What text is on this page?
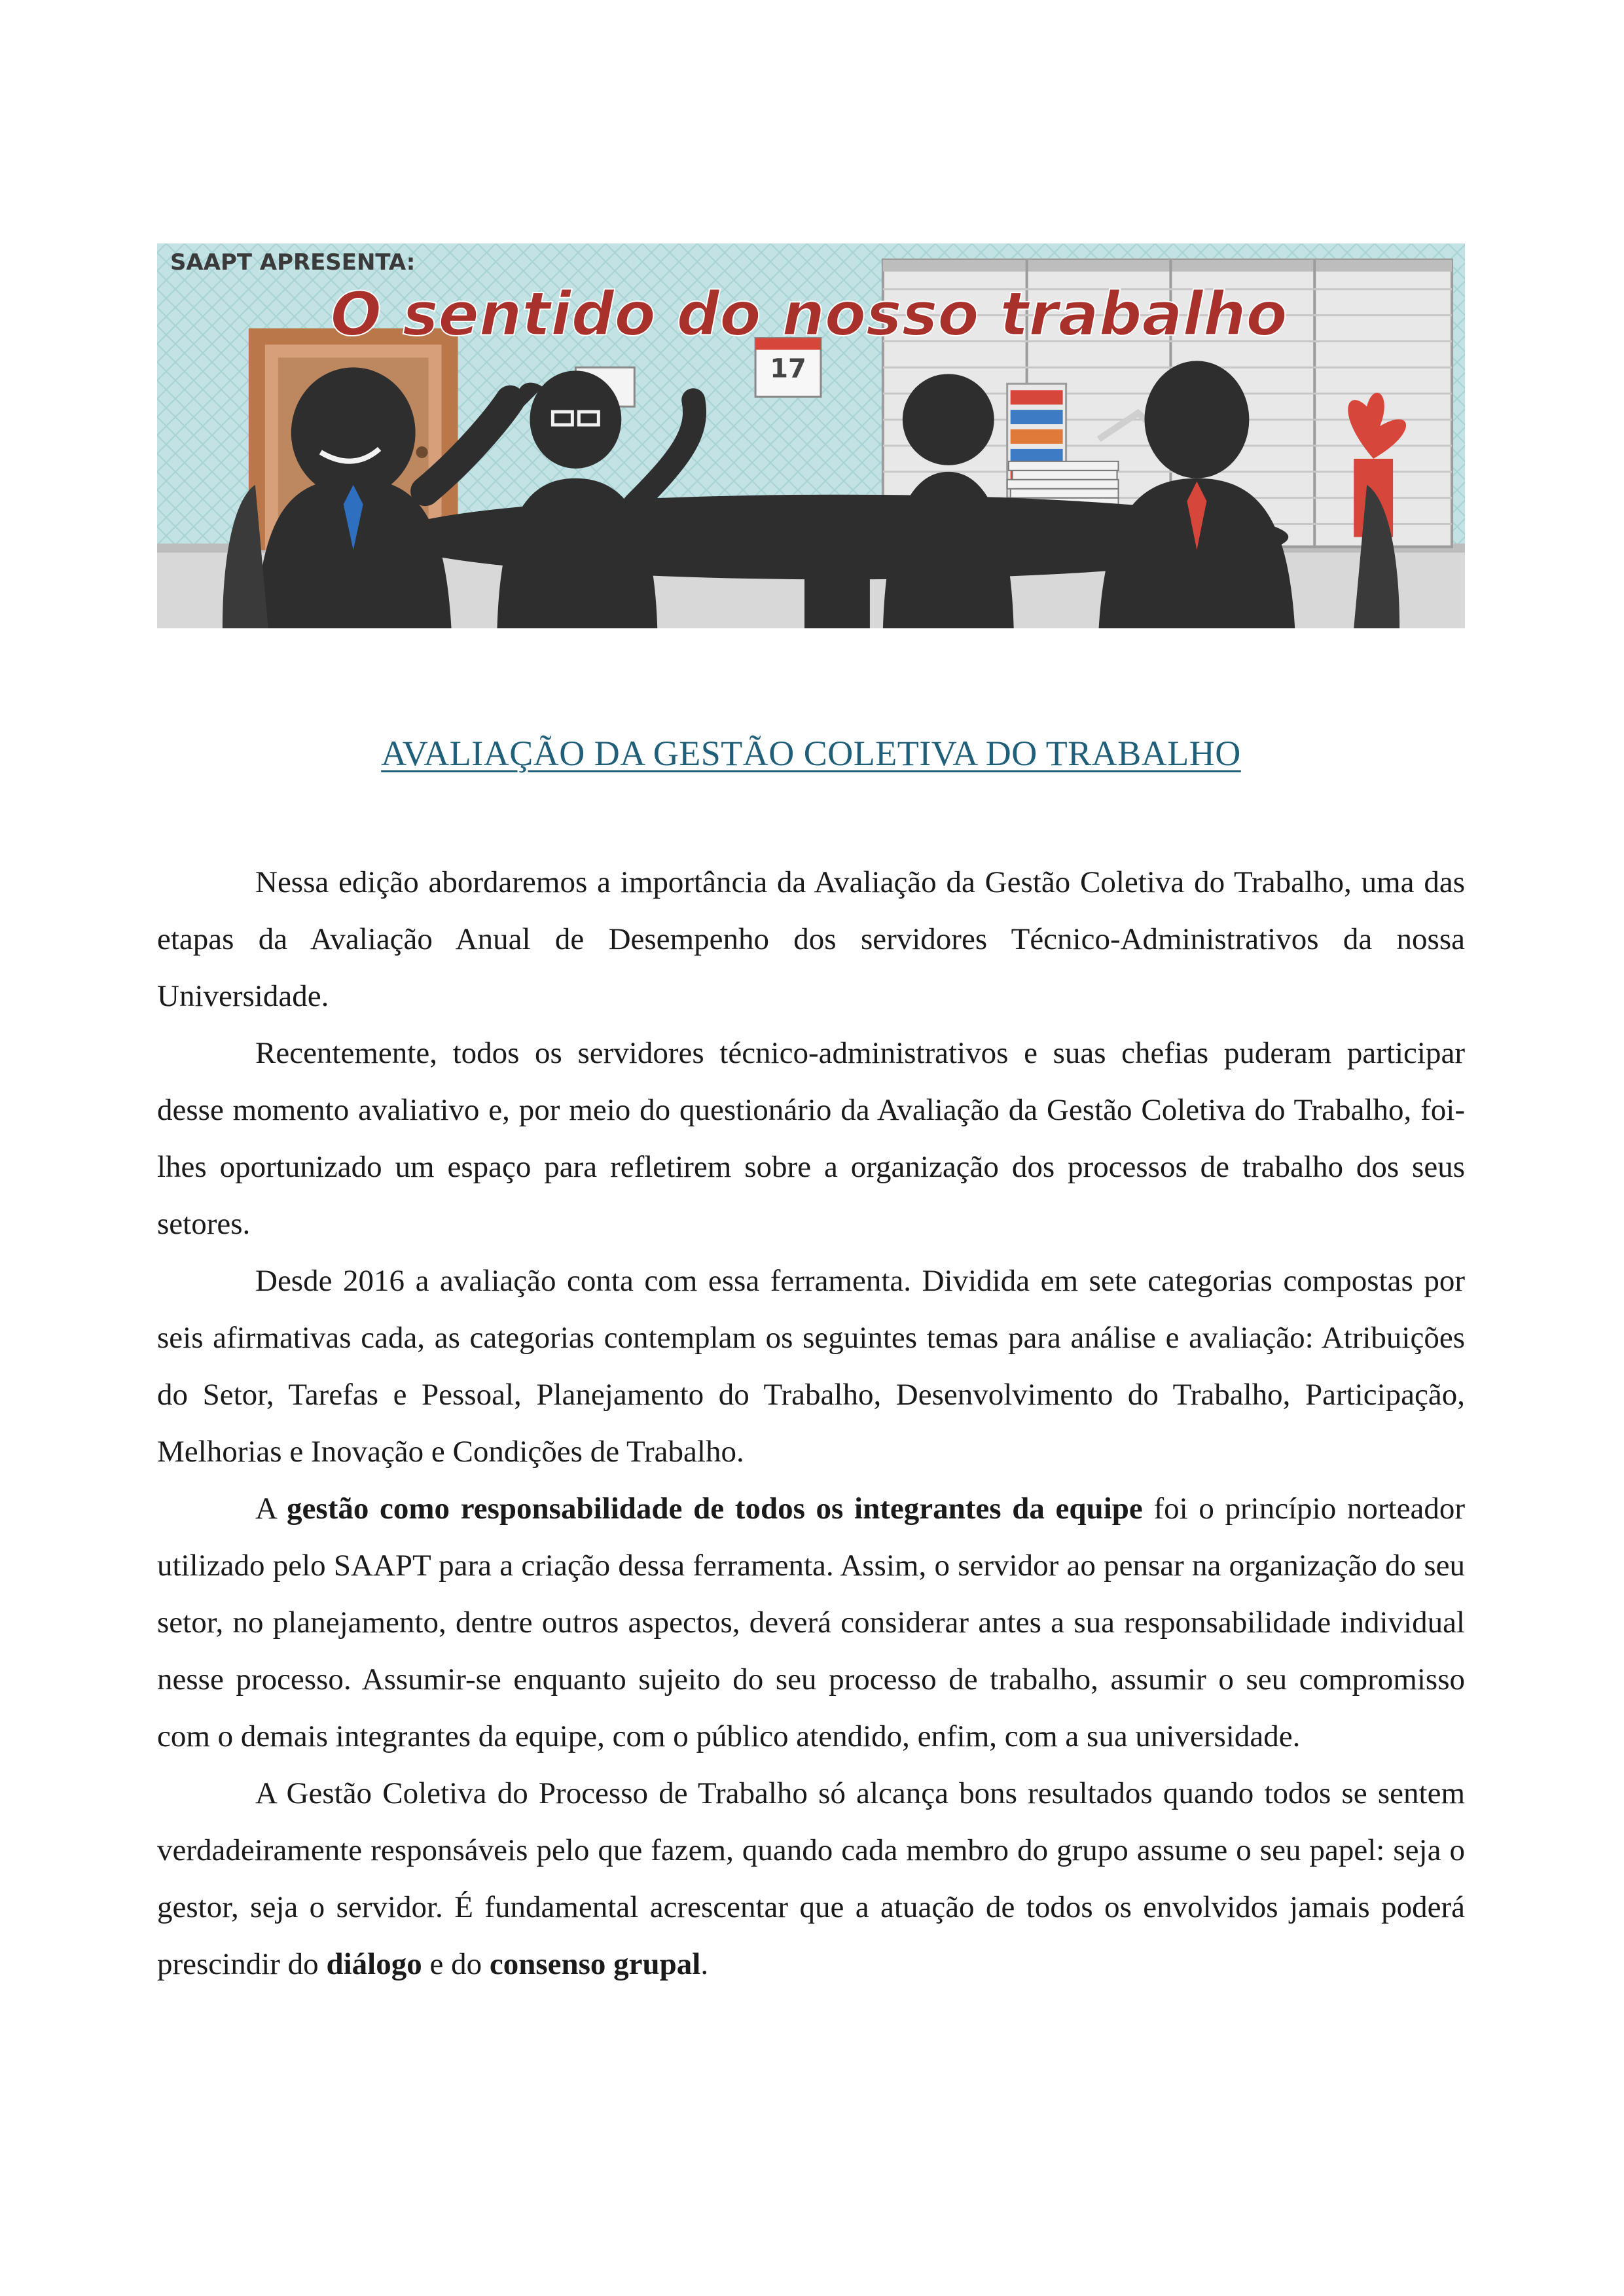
17
SAAPT APRESENTA:
O sentido do nosso trabalho
AVALIAÇÃO DA GESTÃO COLETIVA DO TRABALHO

Nessa edição abordaremos a importância da Avaliação da Gestão Coletiva do Trabalho, uma das etapas da Avaliação Anual de Desempenho dos servidores Técnico-Administrativos da nossa Universidade.

Recentemente, todos os servidores técnico-administrativos e suas chefias puderam participar desse momento avaliativo e, por meio do questionário da Avaliação da Gestão Coletiva do Trabalho, foi-lhes oportunizado um espaço para refletirem sobre a organização dos processos de trabalho dos seus setores.

Desde 2016 a avaliação conta com essa ferramenta. Dividida em sete categorias compostas por seis afirmativas cada, as categorias contemplam os seguintes temas para análise e avaliação: Atribuições do Setor, Tarefas e Pessoal, Planejamento do Trabalho, Desenvolvimento do Trabalho, Participação, Melhorias e Inovação e Condições de Trabalho.

A gestão como responsabilidade de todos os integrantes da equipe foi o princípio norteador utilizado pelo SAAPT para a criação dessa ferramenta. Assim, o servidor ao pensar na organização do seu setor, no planejamento, dentre outros aspectos, deverá considerar antes a sua responsabilidade individual nesse processo. Assumir-se enquanto sujeito do seu processo de trabalho, assumir o seu compromisso com o demais integrantes da equipe, com o público atendido, enfim, com a sua universidade.

A Gestão Coletiva do Processo de Trabalho só alcança bons resultados quando todos se sentem verdadeiramente responsáveis pelo que fazem, quando cada membro do grupo assume o seu papel: seja o gestor, seja o servidor. É fundamental acrescentar que a atuação de todos os envolvidos jamais poderá prescindir do diálogo e do consenso grupal.
